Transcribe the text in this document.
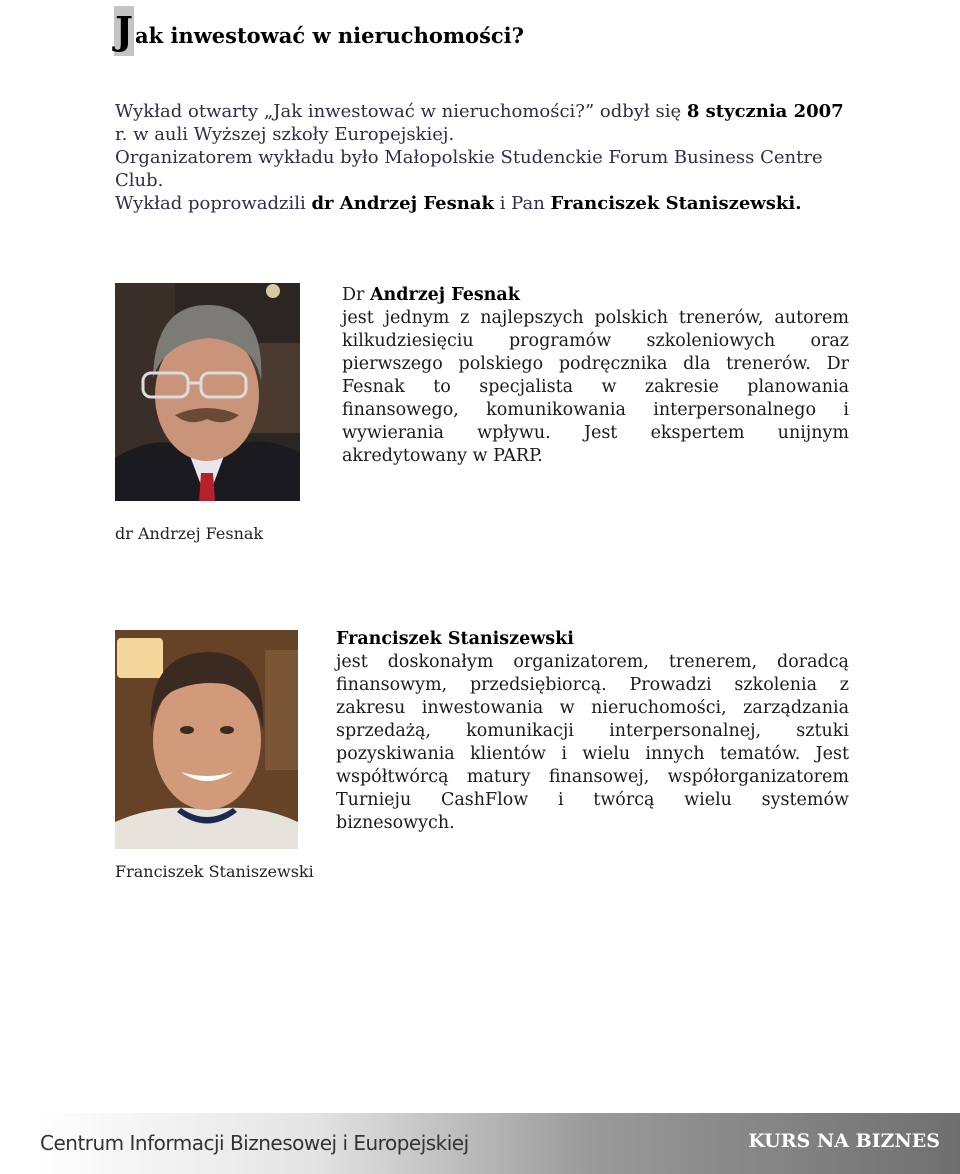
J ak inwestować w nieruchomości?

Wykład otwarty „Jak inwestować w nieruchomości?” odbył się 8 stycznia 2007

r. w auli Wyższej szkoły Europejskiej.

Organizatorem wykładu było Małopolskie Studenckie Forum Business Centre Club.

Wykład poprowadzili dr Andrzej Fesnak i Pan Franciszek Staniszewski.

Dr Andrzej Fesnak
jest jednym z najlepszych polskich trenerów, autorem kilkudziesięciu programów szkoleniowych oraz pierwszego polskiego podręcznika dla trenerów. Dr Fesnak to specjalista w zakresie planowania finansowego, komunikowania interpersonalnego i wywierania wpływu. Jest ekspertem unijnym akredytowany w PARP.
dr Andrzej Fesnak
Franciszek Staniszewski
jest doskonałym organizatorem, trenerem, doradcą finansowym, przedsiębiorcą. Prowadzi szkolenia z zakresu inwestowania w nieruchomości, zarządzania sprzedażą, komunikacji interpersonalnej, sztuki pozyskiwania klientów i wielu innych tematów. Jest współtwórcą matury finansowej, współorganizatorem Turnieju CashFlow i twórcą wielu systemów biznesowych.
Franciszek Staniszewski
Centrum Informacji Biznesowej i Europejskiej	KURS NA BIZNES
